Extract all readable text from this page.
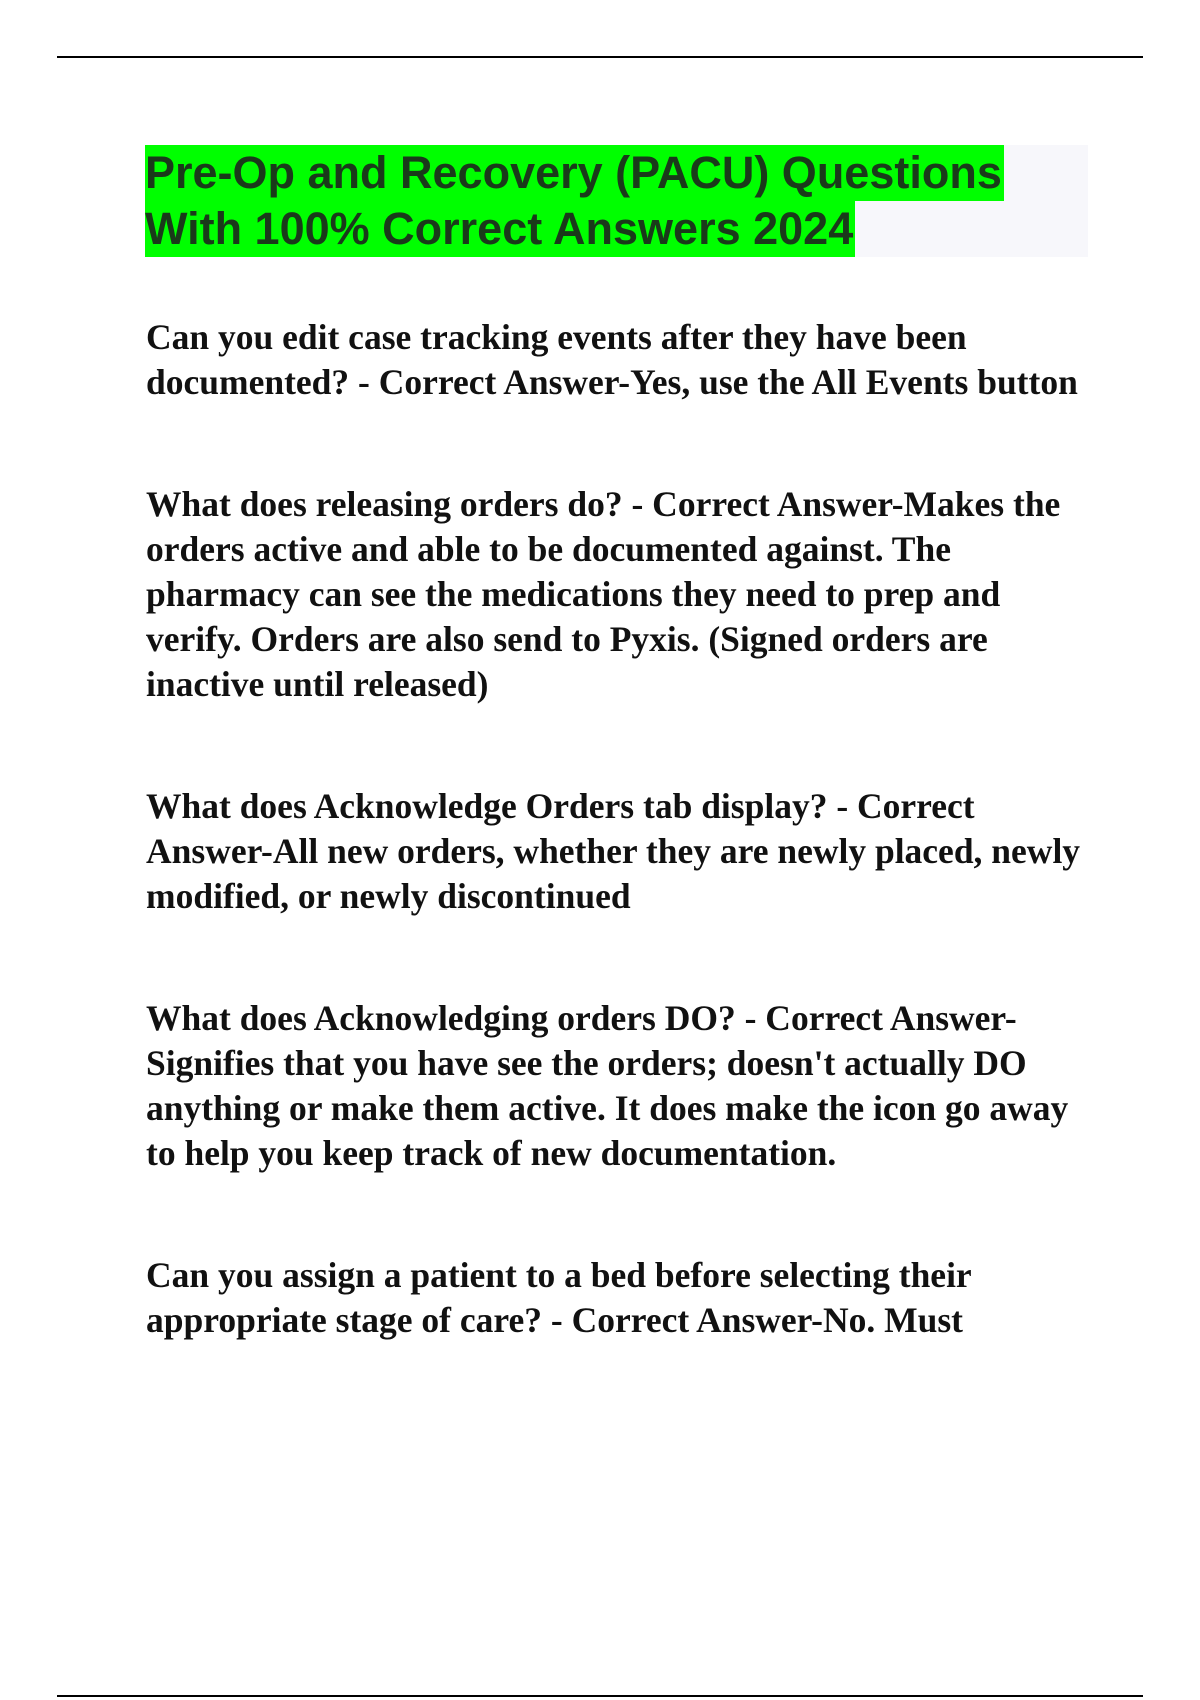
Pre-Op and Recovery (PACU) Questions
With 100% Correct Answers 2024

Can you edit case tracking events after they have been documented? - Correct Answer-Yes, use the All Events button

What does releasing orders do? - Correct Answer-Makes the orders active and able to be documented against. The pharmacy can see the medications they need to prep and verify. Orders are also send to Pyxis. (Signed orders are inactive until released)

What does Acknowledge Orders tab display? - Correct Answer-All new orders, whether they are newly placed, newly modified, or newly discontinued

What does Acknowledging orders DO? - Correct Answer-Signifies that you have see the orders; doesn't actually DO anything or make them active. It does make the icon go away to help you keep track of new documentation.

Can you assign a patient to a bed before selecting their appropriate stage of care? - Correct Answer-No. Must
